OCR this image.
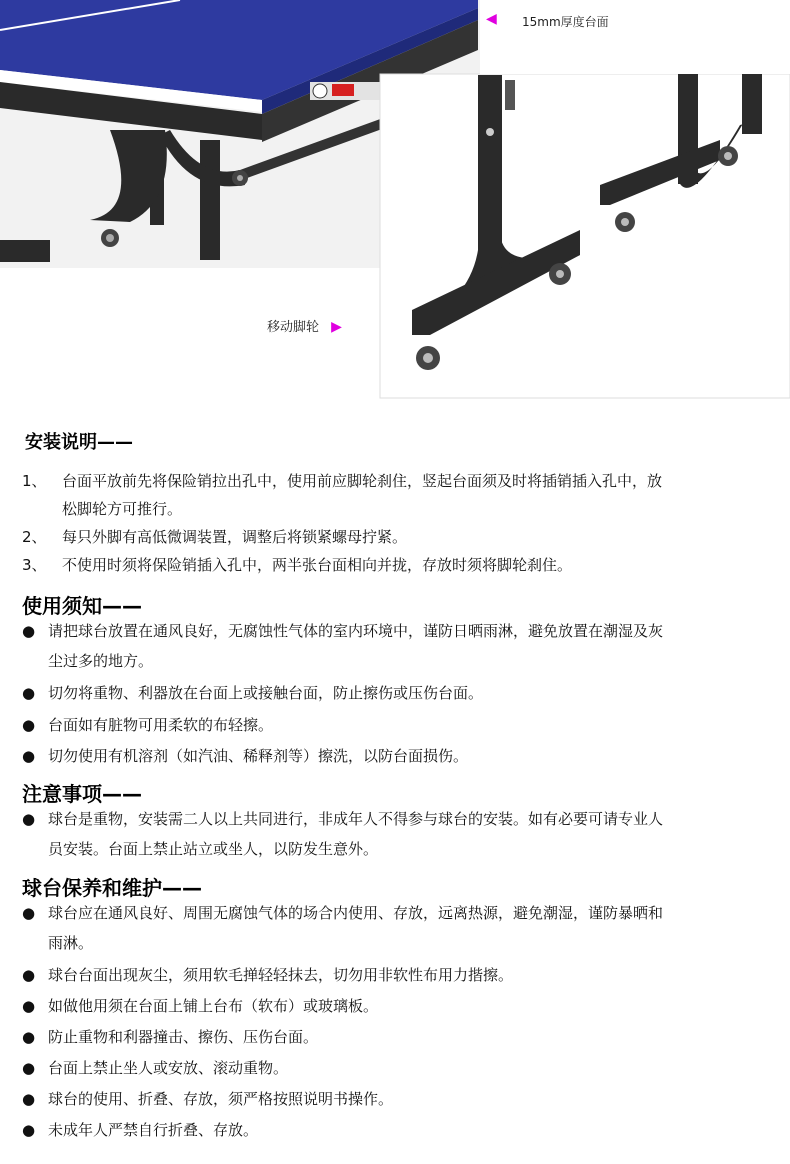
◀ 15mm厚度台面
移动脚轮 ▶
安装说明——
1、 台面平放前先将保险销拉出孔中，使用前应脚轮刹住，竖起台面须及时将插销插入孔中，放
松脚轮方可推行。
2、 每只外脚有高低微调装置，调整后将锁紧螺母拧紧。
3、 不使用时须将保险销插入孔中，两半张台面相向并拢，存放时须将脚轮刹住。
使用须知——
● 请把球台放置在通风良好，无腐蚀性气体的室内环境中，谨防日晒雨淋，避免放置在潮湿及灰
尘过多的地方。
● 切勿将重物、利器放在台面上或接触台面，防止擦伤或压伤台面。
● 台面如有脏物可用柔软的布轻擦。
● 切勿使用有机溶剂（如汽油、稀释剂等）擦洗，以防台面损伤。
注意事项——
● 球台是重物，安装需二人以上共同进行，非成年人不得参与球台的安装。如有必要可请专业人
员安装。台面上禁止站立或坐人，以防发生意外。
球台保养和维护——
● 球台应在通风良好、周围无腐蚀气体的场合内使用、存放，远离热源，避免潮湿，谨防暴晒和
雨淋。
● 球台台面出现灰尘，须用软毛掸轻轻抹去，切勿用非软性布用力揩擦。
● 如做他用须在台面上铺上台布（软布）或玻璃板。
● 防止重物和利器撞击、擦伤、压伤台面。
● 台面上禁止坐人或安放、滚动重物。
● 球台的使用、折叠、存放，须严格按照说明书操作。
● 未成年人严禁自行折叠、存放。
